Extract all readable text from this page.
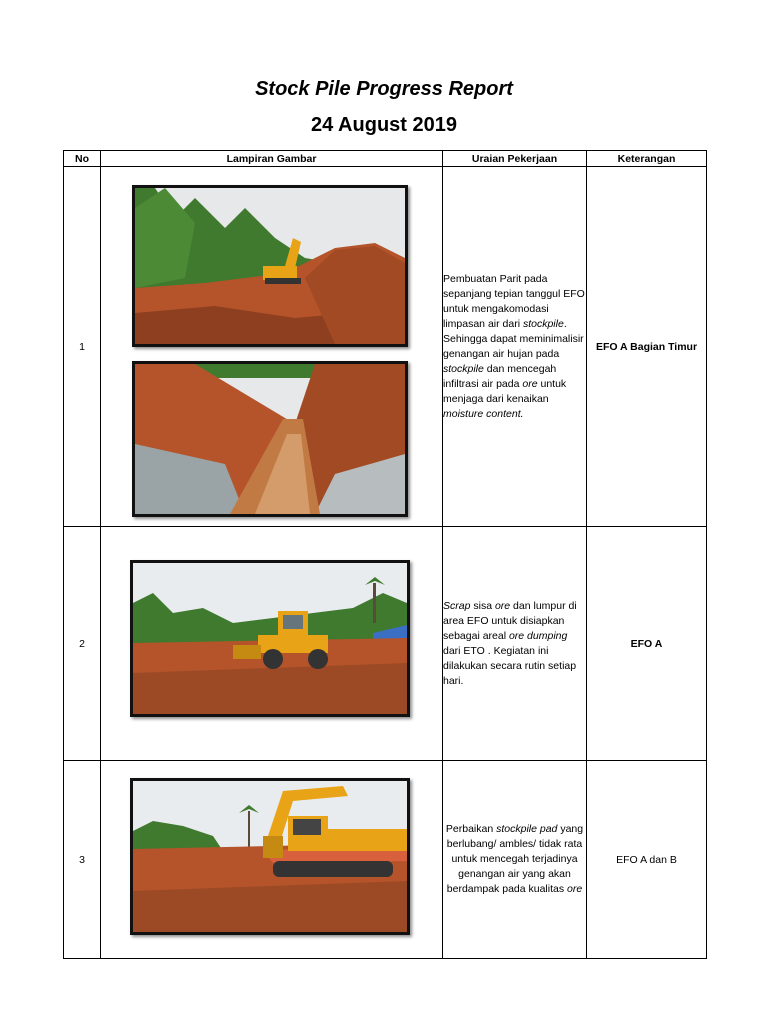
Stock Pile Progress Report
24 August 2019
No	Lampiran Gambar	Uraian Pekerjaan	Keterangan
1		Pembuatan Parit pada sepanjang tepian tanggul EFO untuk mengakomodasi limpasan air dari stockpile. Sehingga dapat meminimalisir genangan air hujan pada stockpile dan mencegah infiltrasi air pada ore untuk menjaga dari kenaikan moisture content.	EFO A Bagian Timur
2		Scrap sisa ore dan lumpur di area EFO untuk disiapkan sebagai areal ore dumping dari ETO . Kegiatan ini dilakukan secara rutin setiap hari.	EFO A
3		Perbaikan stockpile pad yang berlubang/ ambles/ tidak rata untuk mencegah terjadinya genangan air yang akan berdampak pada kualitas ore	EFO A dan B
